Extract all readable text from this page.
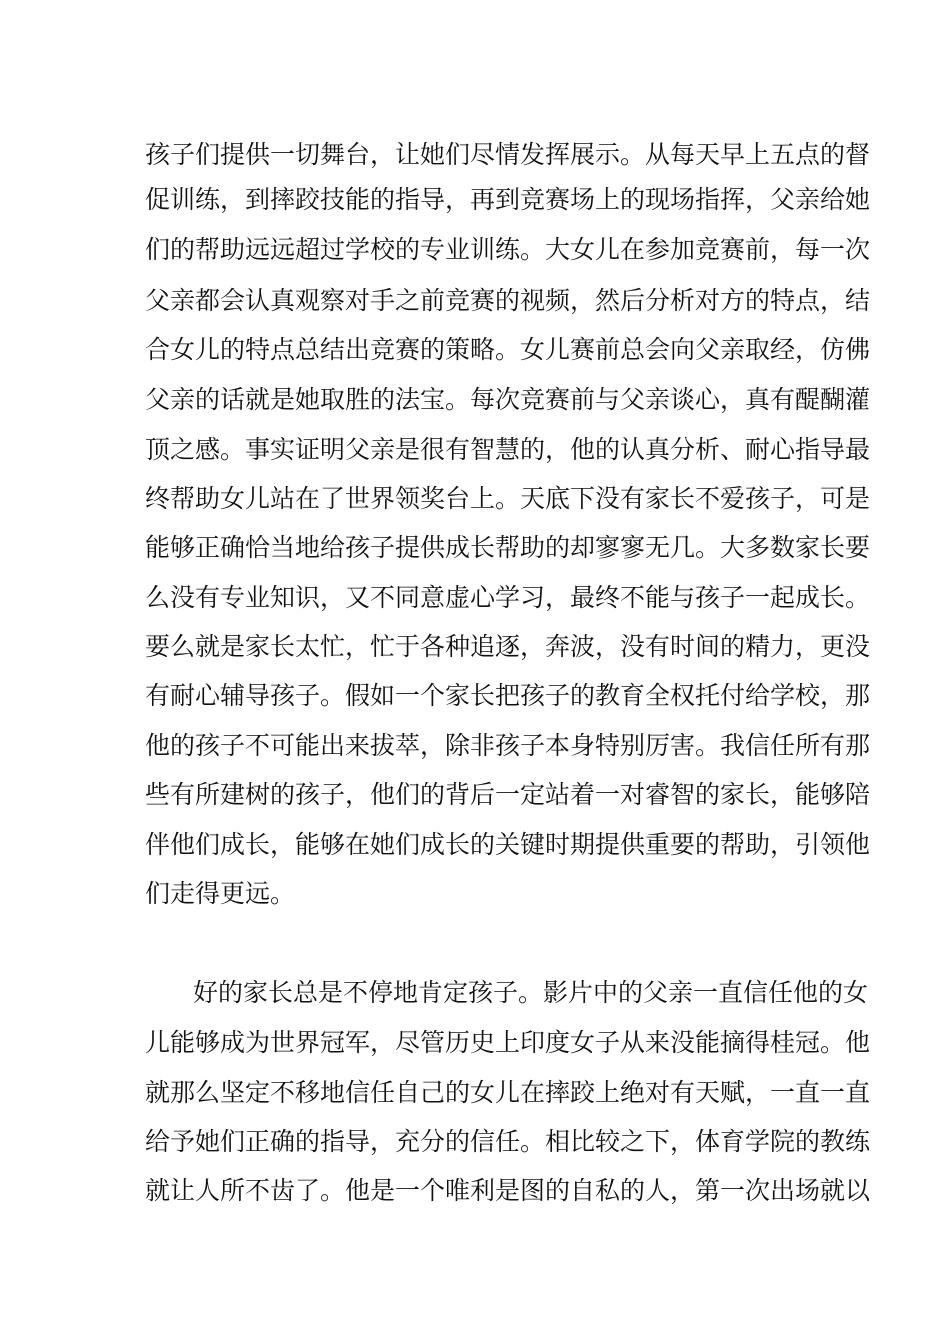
孩子们提供一切舞台，让她们尽情发挥展示。从每天早上五点的督
促训练，到摔跤技能的指导，再到竞赛场上的现场指挥，父亲给她
们的帮助远远超过学校的专业训练。大女儿在参加竞赛前，每一次
父亲都会认真观察对手之前竞赛的视频，然后分析对方的特点，结
合女儿的特点总结出竞赛的策略。女儿赛前总会向父亲取经，仿佛
父亲的话就是她取胜的法宝。每次竞赛前与父亲谈心，真有醍醐灌
顶之感。事实证明父亲是很有智慧的，他的认真分析、耐心指导最
终帮助女儿站在了世界领奖台上。天底下没有家长不爱孩子，可是
能够正确恰当地给孩子提供成长帮助的却寥寥无几。大多数家长要
么没有专业知识，又不同意虚心学习，最终不能与孩子一起成长。
要么就是家长太忙，忙于各种追逐，奔波，没有时间的精力，更没
有耐心辅导孩子。假如一个家长把孩子的教育全权托付给学校，那
他的孩子不可能出来拔萃，除非孩子本身特别厉害。我信任所有那
些有所建树的孩子，他们的背后一定站着一对睿智的家长，能够陪
伴他们成长，能够在她们成长的关键时期提供重要的帮助，引领他
们走得更远。
好的家长总是不停地肯定孩子。影片中的父亲一直信任他的女
儿能够成为世界冠军，尽管历史上印度女子从来没能摘得桂冠。他
就那么坚定不移地信任自己的女儿在摔跤上绝对有天赋，一直一直
给予她们正确的指导，充分的信任。相比较之下，体育学院的教练
就让人所不齿了。他是一个唯利是图的自私的人，第一次出场就以
